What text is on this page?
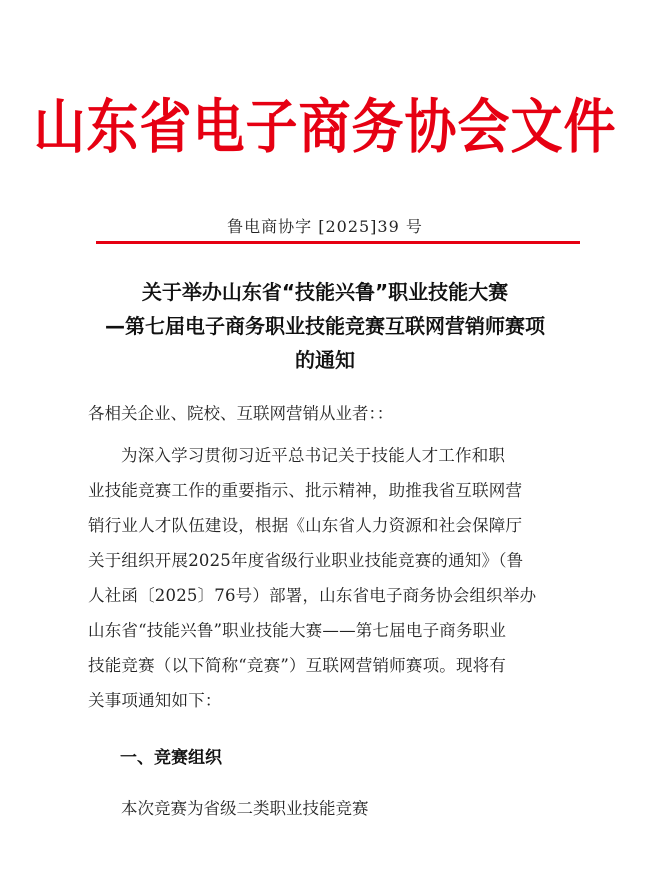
山东省电子商务协会文件
鲁电商协字 [2025]39 号
关于举办山东省“技能兴鲁”职业技能大赛
—第七届电子商务职业技能竞赛互联网营销师赛项
的通知
各相关企业、院校、互联网营销从业者：：
为深入学习贯彻习近平总书记关于技能人才工作和职
业技能竞赛工作的重要指示、批示精神，助推我省互联网营
销行业人才队伍建设，根据《山东省人力资源和社会保障厅
关于组织开展2025年度省级行业职业技能竞赛的通知》（鲁
人社函〔2025〕76号）部署，山东省电子商务协会组织举办
山东省“技能兴鲁”职业技能大赛——第七届电子商务职业
技能竞赛（以下简称“竞赛”）互联网营销师赛项。现将有
关事项通知如下：
一、竞赛组织
本次竞赛为省级二类职业技能竞赛
